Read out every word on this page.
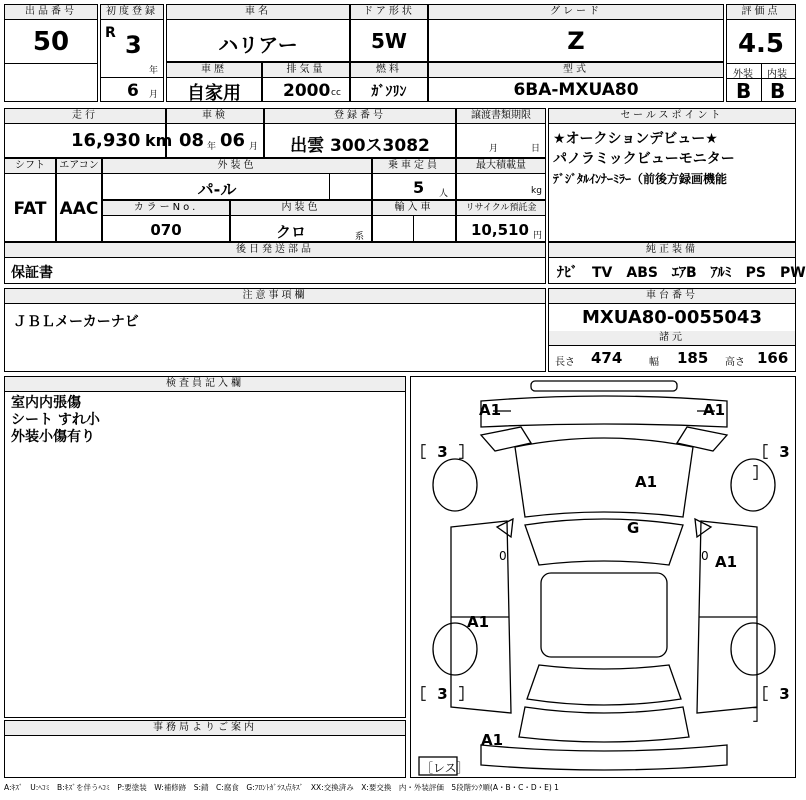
出品番号
50
初度登録
R 3
年
6 月
車名
ハリアー
ドア形状
5W
グレード
Z
評価点
4.5
外装 内装
B B
車歴
自家用
排気量
2000 cc
燃料
ｶﾞｿﾘﾝ
型式
6BA-MXUA80
走行
16,930 km
車検
08 年 06 月
登録番号
出雲 300ス3082
譲渡書類期限
月	日
シフト
FAT
エアコン
AAC
外装色
パ-ル
乗車定員
5 人
最大積載量
kg
カラーNo.
070
内装色
クロ	系
輸入車	リサイクル預託金
10,510 円
後日発送部品
保証書
セールスポイント
★オークションデビュー★
パノラミックビューモニター
ﾃﾞｼﾞﾀﾙｲﾝﾅｰﾐﾗｰ（前後方録画機能
純正装備
ﾅﾋﾞ　TV　ABS　ｴｱB　ｱﾙﾐ　PS　PW
注意事項欄
ＪＢＬメーカーナビ
車台番号
MXUA80-0055043
諸元
長さ 474	幅 185 高さ 166
検査員記入欄
室内内張傷
シート すれ小
外装小傷有り
事務局よりご案内
A1	A1
A1
G
A1
A1
A1
0	0
［ 3 ］	［ 3 ］
［ 3 ］	［ 3 ］
［レス］
A:ｷｽﾞ　U:ﾍｺﾐ　B:ｷｽﾞを伴うﾍｺﾐ　P:要塗装　W:補修跡　S:錆　C:腐食　G:ﾌﾛﾝﾄｶﾞﾗｽ点ｷｽﾞ　XX:交換済み　X:要交換　内・外装評価　5段階ﾗﾝｸ順(A・B・C・D・E) 1
